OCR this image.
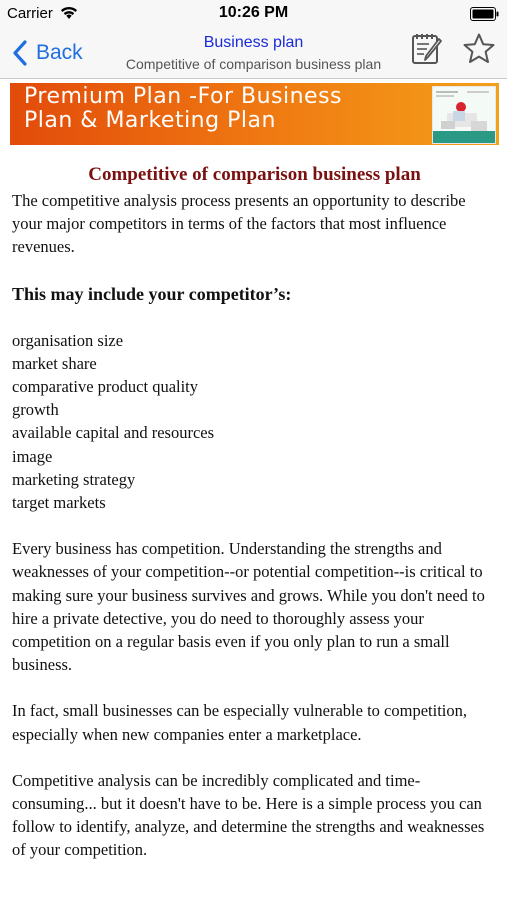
Carrier	10:26 PM
Back	Business plan
Competitive of comparison business plan
Premium Plan -For Business
Plan & Marketing Plan
Competitive of comparison business plan

The competitive analysis process presents an opportunity to describe your major competitors in terms of the factors that most influence revenues.

This may include your competitor’s:

organisation size
market share
comparative product quality
growth
available capital and resources
image
marketing strategy
target markets

Every business has competition. Understanding the strengths and weaknesses of your competition--or potential competition--is critical to making sure your business survives and grows. While you don't need to hire a private detective, you do need to thoroughly assess your competition on a regular basis even if you only plan to run a small business.

In fact, small businesses can be especially vulnerable to competition, especially when new companies enter a marketplace.

Competitive analysis can be incredibly complicated and time-consuming... but it doesn't have to be. Here is a simple process you can follow to identify, analyze, and determine the strengths and weaknesses of your competition.
